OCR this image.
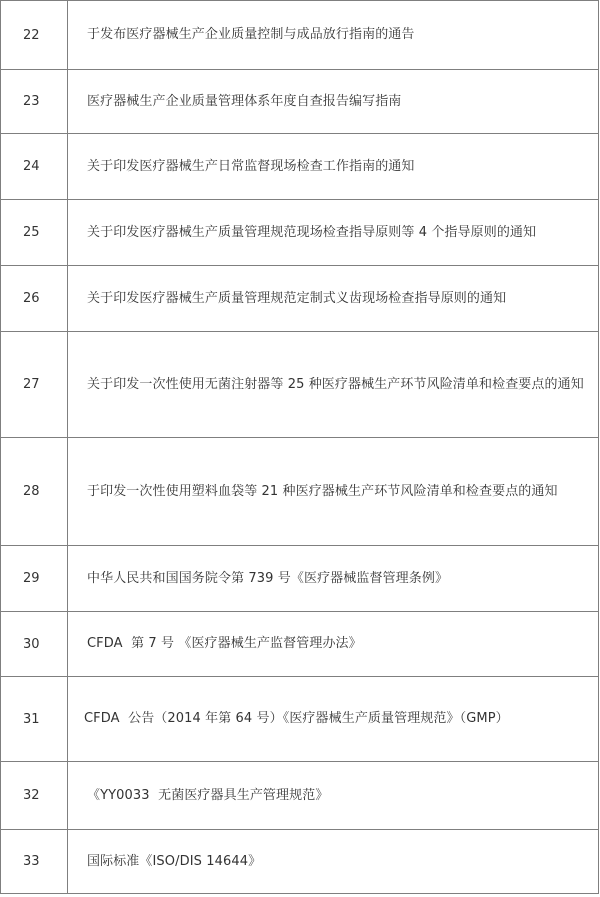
22	于发布医疗器械生产企业质量控制与成品放行指南的通告
23	医疗器械生产企业质量管理体系年度自查报告编写指南
24	关于印发医疗器械生产日常监督现场检查工作指南的通知
25	关于印发医疗器械生产质量管理规范现场检查指导原则等 4 个指导原则的通知
26	关于印发医疗器械生产质量管理规范定制式义齿现场检查指导原则的通知
27	关于印发一次性使用无菌注射器等 25 种医疗器械生产环节风险清单和检查要点的通知
28	于印发一次性使用塑料血袋等 21 种医疗器械生产环节风险清单和检查要点的通知
29	中华人民共和国国务院令第 739 号《医疗器械监督管理条例》
30	CFDA  第 7 号 《医疗器械生产监督管理办法》
31	CFDA  公告（2014 年第 64 号）《医疗器械生产质量管理规范》（GMP）
32	《YY0033  无菌医疗器具生产管理规范》
33	国际标准《ISO/DIS 14644》
